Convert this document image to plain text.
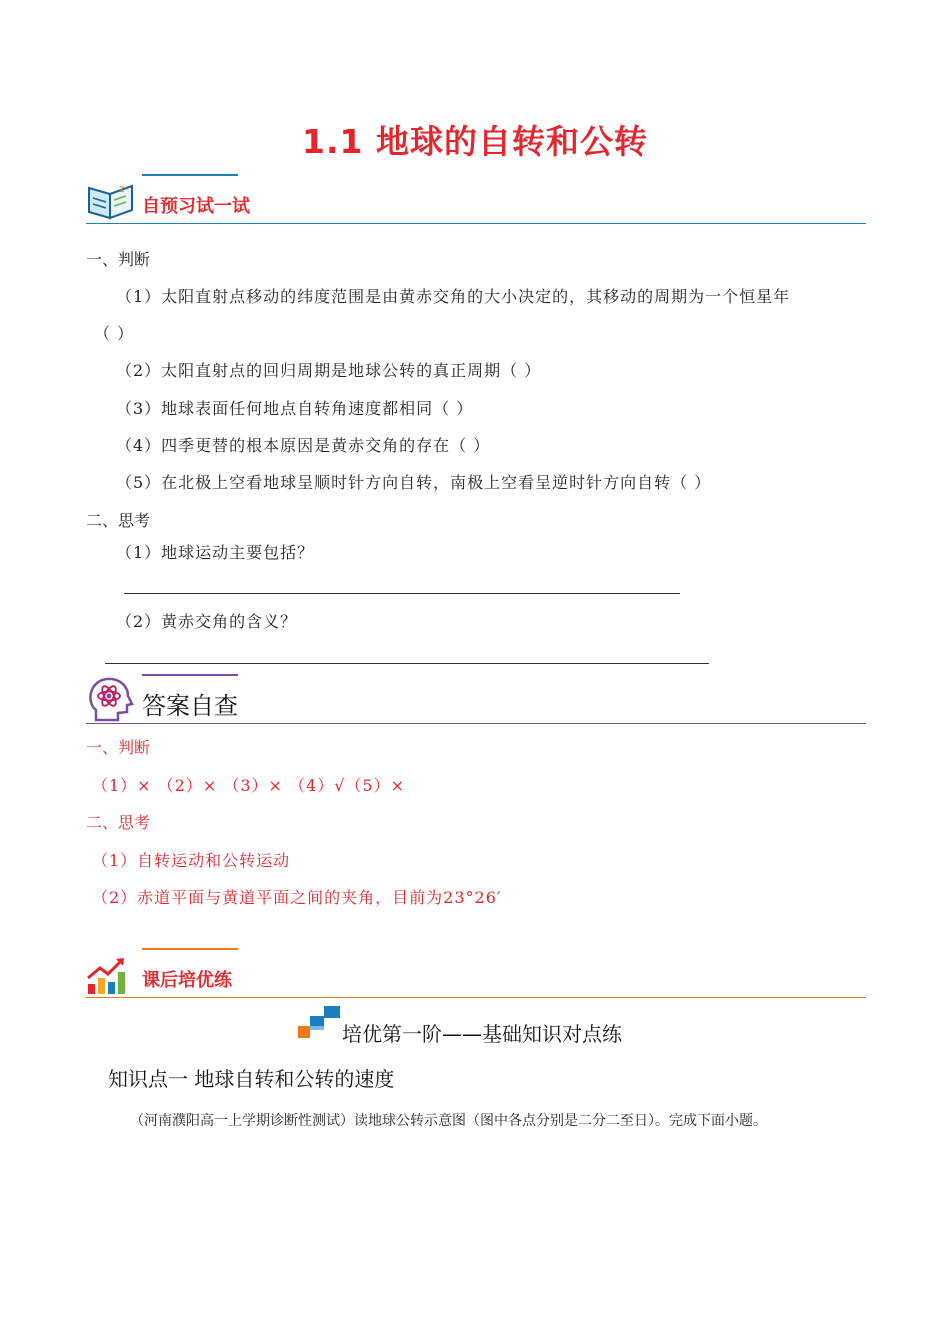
1.1 地球的自转和公转
z
自预习试一试
一、判断
（1）太阳直射点移动的纬度范围是由黄赤交角的大小决定的，其移动的周期为一个恒星年
（ ）
（2）太阳直射点的回归周期是地球公转的真正周期（ ）
（3）地球表面任何地点自转角速度都相同（ ）
（4）四季更替的根本原因是黄赤交角的存在（ ）
（5）在北极上空看地球呈顺时针方向自转，南极上空看呈逆时针方向自转（ ）
二、思考
（1）地球运动主要包括？
（2）黄赤交角的含义？
答案自查
一、判断
（1）× （2）× （3）× （4）√（5）×
二、思考
（1）自转运动和公转运动
（2）赤道平面与黄道平面之间的夹角，目前为23°26′
课后培优练
培优第一阶——基础知识对点练
知识点一 地球自转和公转的速度
（河南濮阳高一上学期诊断性测试）读地球公转示意图（图中各点分别是二分二至日）。完成下面小题。
